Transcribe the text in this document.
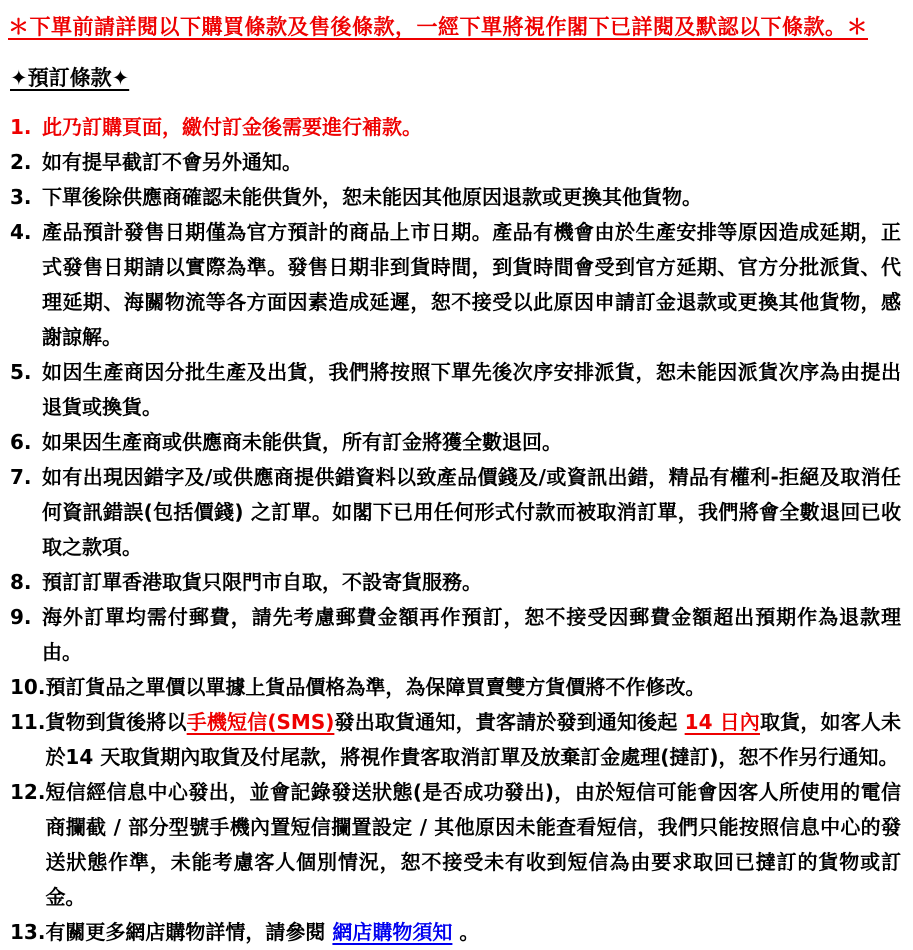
＊下單前請詳閱以下購買條款及售後條款，一經下單將視作閣下已詳閱及默認以下條款。＊

✦預訂條款✦
1. 此乃訂購頁面，繳付訂金後需要進行補款。
2. 如有提早截訂不會另外通知。
3. 下單後除供應商確認未能供貨外，恕未能因其他原因退款或更換其他貨物。
4. 產品預計發售日期僅為官方預計的商品上市日期。產品有機會由於生產安排等原因造成延期，正式發售日期請以實際為準。發售日期非到貨時間，到貨時間會受到官方延期、官方分批派貨、代理延期、海關物流等各方面因素造成延遲，恕不接受以此原因申請訂金退款或更換其他貨物，感謝諒解。
5. 如因生產商因分批生產及出貨，我們將按照下單先後次序安排派貨，恕未能因派貨次序為由提出退貨或換貨。
6. 如果因生產商或供應商未能供貨，所有訂金將獲全數退回。
7. 如有出現因錯字及/或供應商提供錯資料以致產品價錢及/或資訊出錯，精品有權利-拒絕及取消任何資訊錯誤(包括價錢) 之訂單。如閣下已用任何形式付款而被取消訂單，我們將會全數退回已收取之款項。
8. 預訂訂單香港取貨只限門市自取，不設寄貨服務。
9. 海外訂單均需付郵費，請先考慮郵費金額再作預訂，恕不接受因郵費金額超出預期作為退款理由。
10. 預訂貨品之單價以單據上貨品價格為準，為保障買賣雙方貨價將不作修改。
11. 貨物到貨後將以手機短信(SMS)發出取貨通知，貴客請於發到通知後起 14 日內取貨，如客人未於14 天取貨期內取貨及付尾款，將視作貴客取消訂單及放棄訂金處理(撻訂)，恕不作另行通知。
12. 短信經信息中心發出，並會記錄發送狀態(是否成功發出)，由於短信可能會因客人所使用的電信商攔截 / 部分型號手機內置短信攔置設定 / 其他原因未能查看短信，我們只能按照信息中心的發送狀態作準，未能考慮客人個別情況，恕不接受未有收到短信為由要求取回已撻訂的貨物或訂金。
13. 有關更多網店購物詳情，請參閱 網店購物須知 。
